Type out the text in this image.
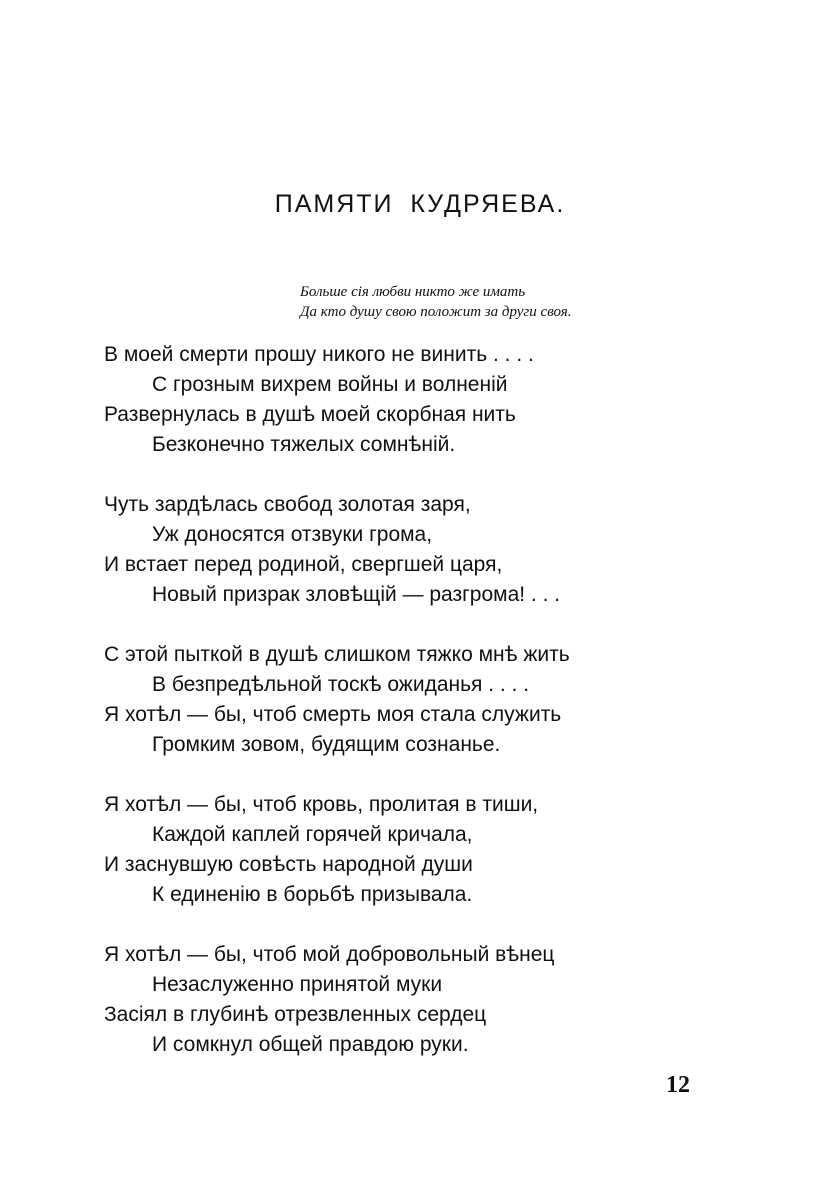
ПАМЯТИ КУДРЯЕВА.
Больше сія любви никто же имать
Да кто душу свою положит за други своя.
В моей смерти прошу никого не винить . . . .
С грозным вихрем войны и волненій
Развернулась в душѣ моей скорбная нить
Безконечно тяжелых сомнѣній.
Чуть зардѣлась свобод золотая заря,
Уж доносятся отзвуки грома,
И встает перед родиной, свергшей царя,
Новый призрак зловѣщій — разгрома! . . .
С этой пыткой в душѣ слишком тяжко мнѣ жить
В безпредѣльной тоскѣ ожиданья . . . .
Я хотѣл — бы, чтоб смерть моя стала служить
Громким зовом, будящим сознанье.
Я хотѣл — бы, чтоб кровь, пролитая в тиши,
Каждой каплей горячей кричала,
И заснувшую совѣсть народной души
К единенію в борьбѣ призывала.
Я хотѣл — бы, чтоб мой добровольный вѣнец
Незаслуженно принятой муки
Засіял в глубинѣ отрезвленных сердец
И сомкнул общей правдою руки.
12
